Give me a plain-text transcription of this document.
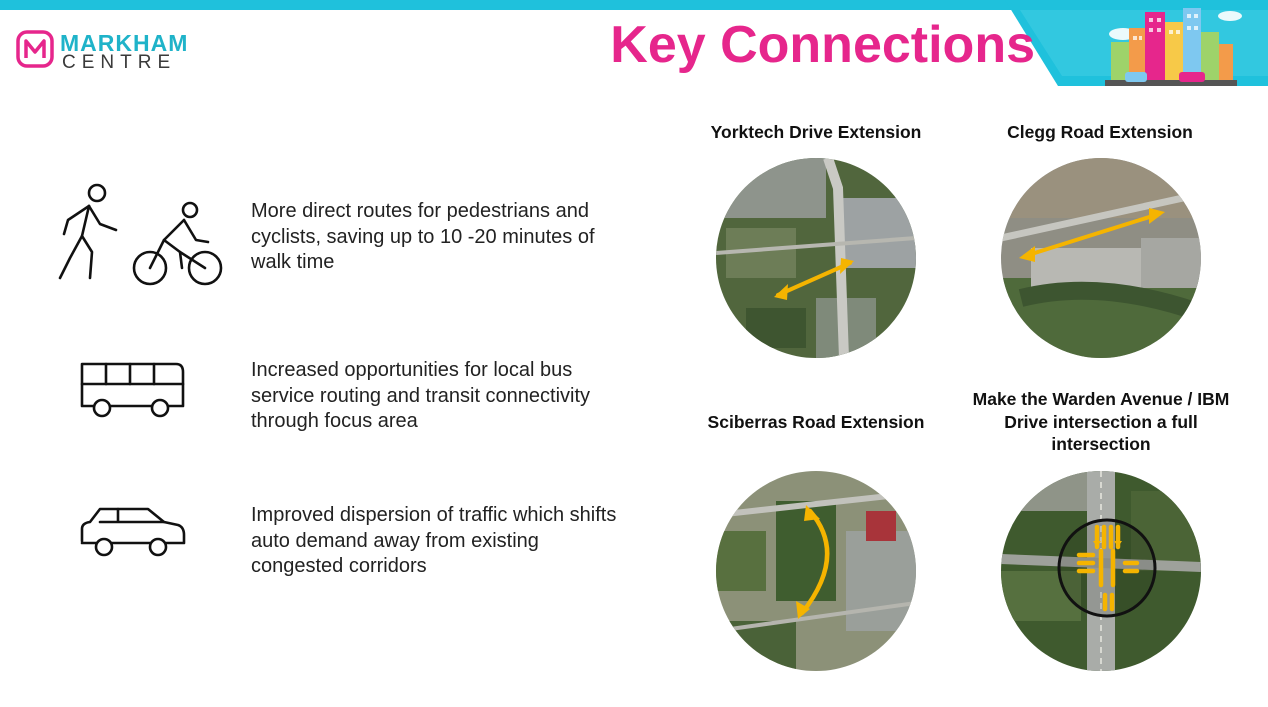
MARKHAM
CENTRE	Key Connections

More direct routes for pedestrians and cyclists, saving up to 10 -20 minutes of walk time

Increased opportunities for local bus service routing and transit connectivity through focus area

Improved dispersion of traffic which shifts auto demand away from existing congested corridors

Yorktech Drive Extension	Clegg Road Extension
Sciberras Road Extension
Make the Warden Avenue / IBM Drive intersection a full intersection
